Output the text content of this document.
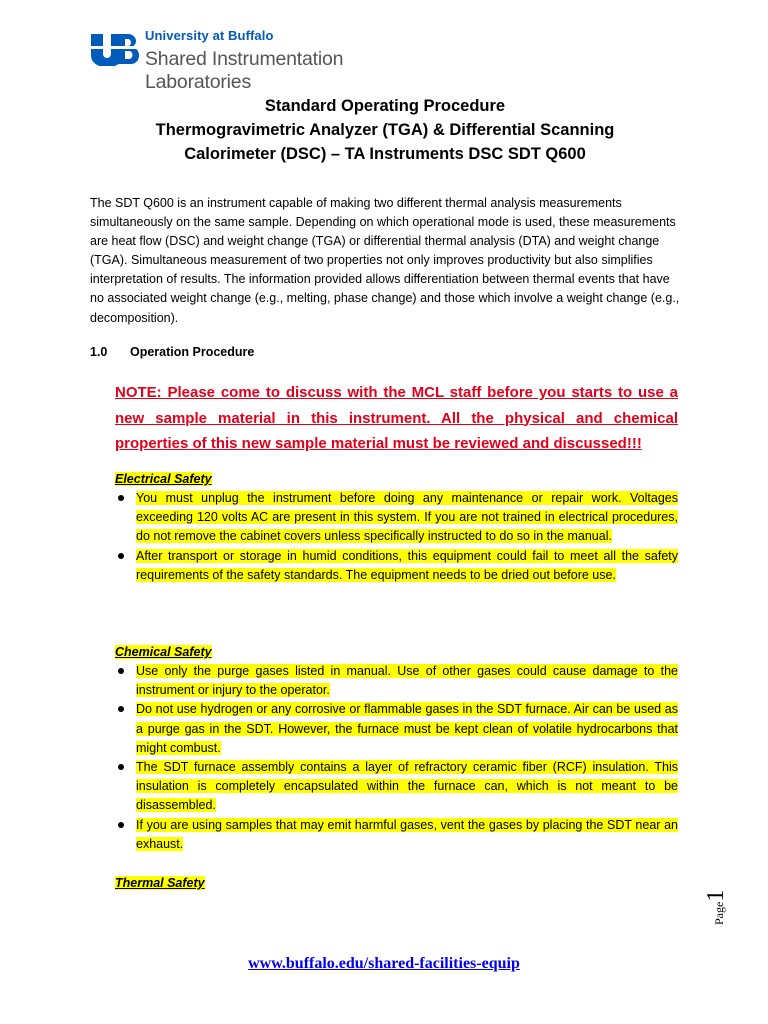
University at Buffalo
Shared Instrumentation
Laboratories
Standard Operating Procedure
Thermogravimetric Analyzer (TGA) & Differential Scanning
Calorimeter (DSC) – TA Instruments DSC SDT Q600

The SDT Q600 is an instrument capable of making two different thermal analysis measurements simultaneously on the same sample. Depending on which operational mode is used, these measurements are heat flow (DSC) and weight change (TGA) or differential thermal analysis (DTA) and weight change (TGA). Simultaneous measurement of two properties not only improves productivity but also simplifies interpretation of results. The information provided allows differentiation between thermal events that have no associated weight change (e.g., melting, phase change) and those which involve a weight change (e.g., decomposition).

1.0 Operation Procedure
NOTE: Please come to discuss with the MCL staff before you starts to use a new sample material in this instrument. All the physical and chemical properties of this new sample material must be reviewed and discussed!!!
Electrical Safety
You must unplug the instrument before doing any maintenance or repair work. Voltages exceeding 120 volts AC are present in this system. If you are not trained in electrical procedures, do not remove the cabinet covers unless specifically instructed to do so in the manual.
After transport or storage in humid conditions, this equipment could fail to meet all the safety requirements of the safety standards. The equipment needs to be dried out before use.
Chemical Safety
Use only the purge gases listed in manual. Use of other gases could cause damage to the instrument or injury to the operator.
Do not use hydrogen or any corrosive or flammable gases in the SDT furnace. Air can be used as a purge gas in the SDT. However, the furnace must be kept clean of volatile hydrocarbons that might combust.
The SDT furnace assembly contains a layer of refractory ceramic fiber (RCF) insulation. This insulation is completely encapsulated within the furnace can, which is not meant to be disassembled.
If you are using samples that may emit harmful gases, vent the gases by placing the SDT near an exhaust.
Thermal Safety
Page1
www.buffalo.edu/shared-facilities-equip
